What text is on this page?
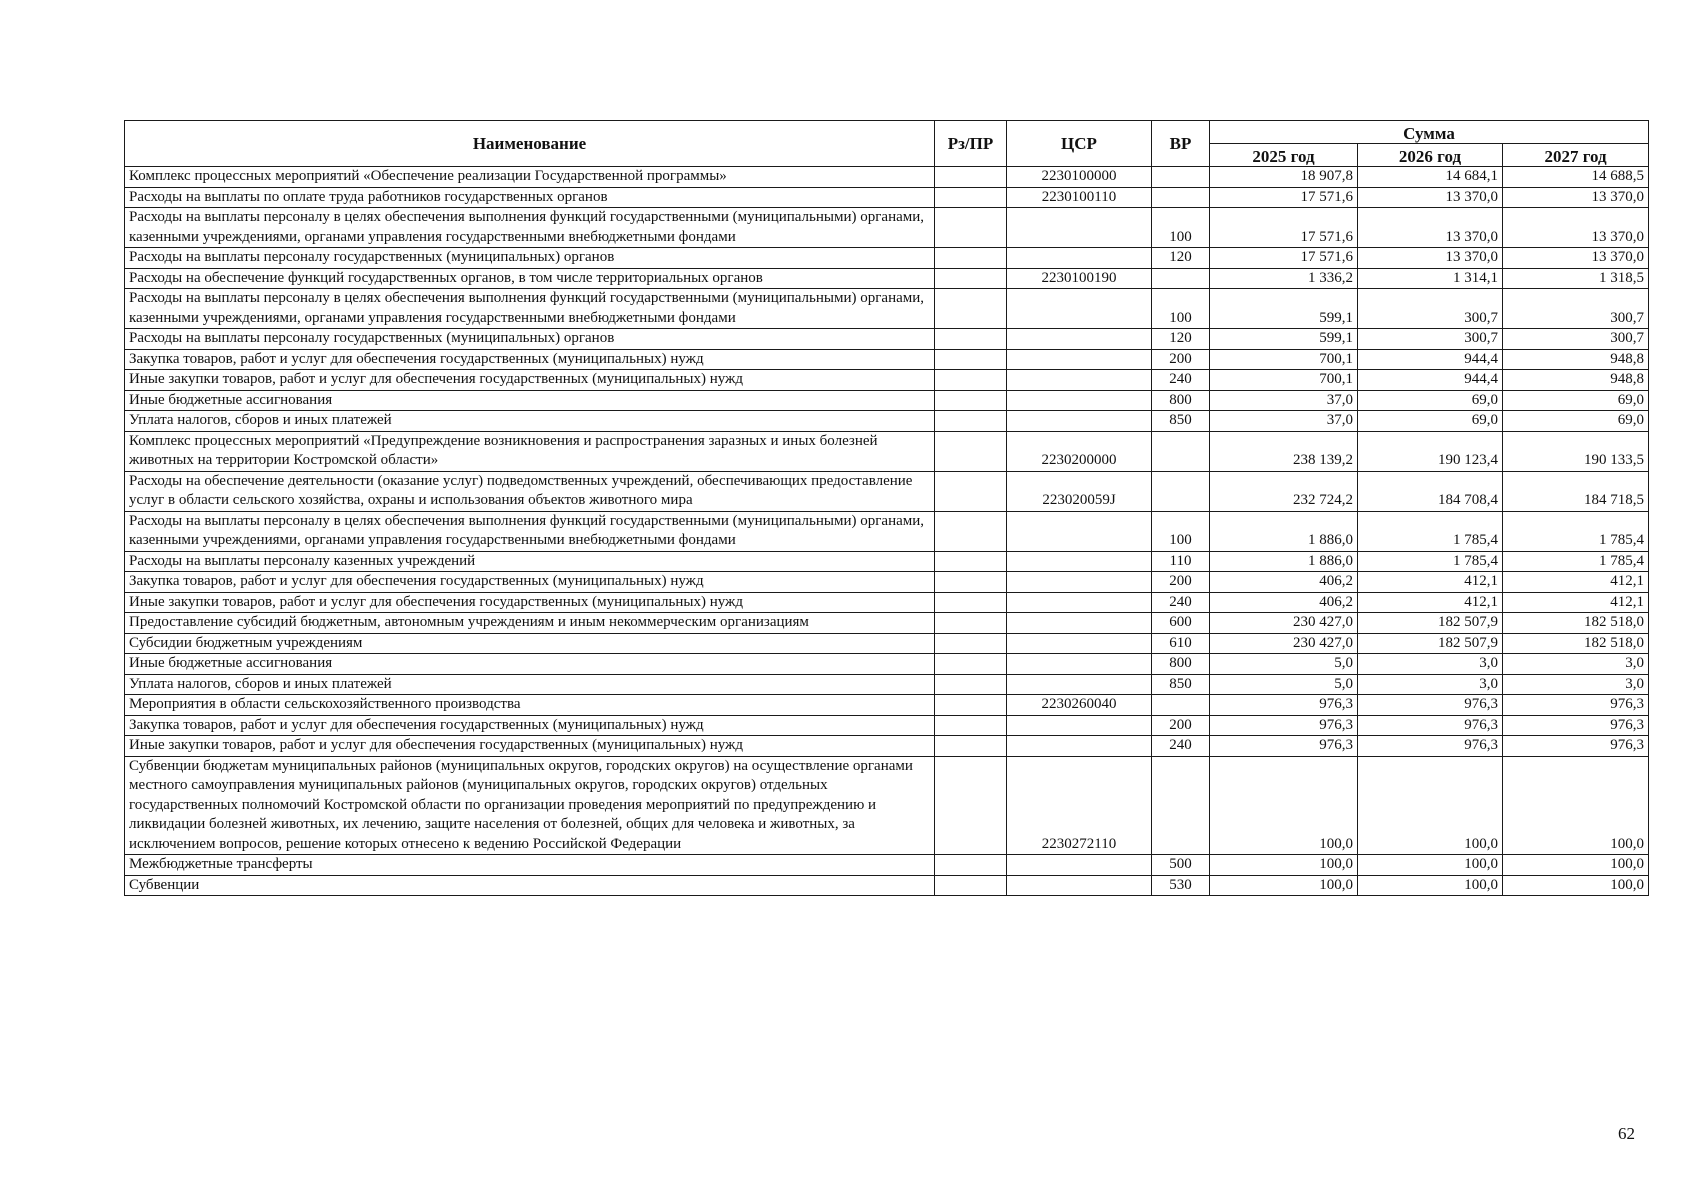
Наименование	Рз/ПР	ЦСР	ВР	Сумма		
				2025 год	2026 год	2027 год
Комплекс процессных мероприятий «Обеспечение реализации Государственной программы»		2230100000		18 907,8	14 684,1	14 688,5
Расходы на выплаты по оплате труда работников государственных органов		2230100110		17 571,6	13 370,0	13 370,0
Расходы на выплаты персоналу в целях обеспечения выполнения функций государственными (муниципальными) органами, казенными учреждениями, органами управления государственными внебюджетными фондами			100	17 571,6	13 370,0	13 370,0
Расходы на выплаты персоналу государственных (муниципальных) органов			120	17 571,6	13 370,0	13 370,0
Расходы на обеспечение функций государственных органов, в том числе территориальных органов		2230100190		1 336,2	1 314,1	1 318,5
Расходы на выплаты персоналу в целях обеспечения выполнения функций государственными (муниципальными) органами, казенными учреждениями, органами управления государственными внебюджетными фондами			100	599,1	300,7	300,7
Расходы на выплаты персоналу государственных (муниципальных) органов			120	599,1	300,7	300,7
Закупка товаров, работ и услуг для обеспечения государственных (муниципальных) нужд			200	700,1	944,4	948,8
Иные закупки товаров, работ и услуг для обеспечения государственных (муниципальных) нужд			240	700,1	944,4	948,8
Иные бюджетные ассигнования			800	37,0	69,0	69,0
Уплата налогов, сборов и иных платежей			850	37,0	69,0	69,0
Комплекс процессных мероприятий «Предупреждение возникновения и распространения заразных и иных болезней животных на территории Костромской области»		2230200000		238 139,2	190 123,4	190 133,5
Расходы на обеспечение деятельности (оказание услуг) подведомственных учреждений, обеспечивающих предоставление услуг в области сельского хозяйства, охраны и использования объектов животного мира		223020059J		232 724,2	184 708,4	184 718,5
Расходы на выплаты персоналу в целях обеспечения выполнения функций государственными (муниципальными) органами, казенными учреждениями, органами управления государственными внебюджетными фондами			100	1 886,0	1 785,4	1 785,4
Расходы на выплаты персоналу казенных учреждений			110	1 886,0	1 785,4	1 785,4
Закупка товаров, работ и услуг для обеспечения государственных (муниципальных) нужд			200	406,2	412,1	412,1
Иные закупки товаров, работ и услуг для обеспечения государственных (муниципальных) нужд			240	406,2	412,1	412,1
Предоставление субсидий бюджетным, автономным учреждениям и иным некоммерческим организациям			600	230 427,0	182 507,9	182 518,0
Субсидии бюджетным учреждениям			610	230 427,0	182 507,9	182 518,0
Иные бюджетные ассигнования			800	5,0	3,0	3,0
Уплата налогов, сборов и иных платежей			850	5,0	3,0	3,0
Мероприятия в области сельскохозяйственного производства		2230260040		976,3	976,3	976,3
Закупка товаров, работ и услуг для обеспечения государственных (муниципальных) нужд			200	976,3	976,3	976,3
Иные закупки товаров, работ и услуг для обеспечения государственных (муниципальных) нужд			240	976,3	976,3	976,3
Субвенции бюджетам муниципальных районов (муниципальных округов, городских округов) на осуществление органами местного самоуправления муниципальных районов (муниципальных округов, городских округов) отдельных государственных полномочий Костромской области по организации проведения мероприятий по предупреждению и ликвидации болезней животных, их лечению, защите населения от болезней, общих для человека и животных, за исключением вопросов, решение которых отнесено к ведению Российской Федерации		2230272110		100,0	100,0	100,0
Межбюджетные трансферты			500	100,0	100,0	100,0
Субвенции			530	100,0	100,0	100,0
62
